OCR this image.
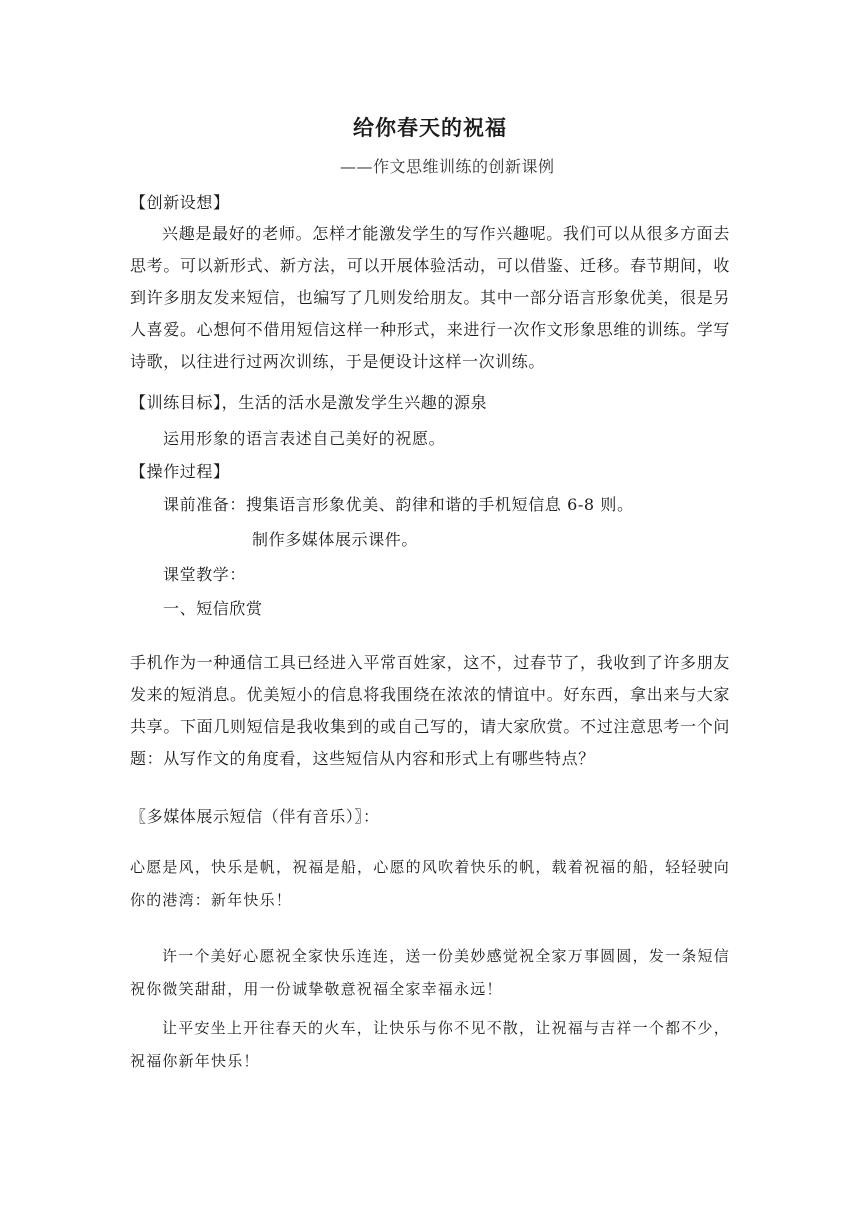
给你春天的祝福
——作文思维训练的创新课例
【创新设想】
兴趣是最好的老师。怎样才能激发学生的写作兴趣呢。我们可以从很多方面去思考。可以新形式、新方法，可以开展体验活动，可以借鉴、迁移。春节期间，收到许多朋友发来短信，也编写了几则发给朋友。其中一部分语言形象优美，很是另人喜爱。心想何不借用短信这样一种形式，来进行一次作文形象思维的训练。学写诗歌，以往进行过两次训练，于是便设计这样一次训练。
【训练目标】，生活的活水是激发学生兴趣的源泉
运用形象的语言表述自己美好的祝愿。
【操作过程】
课前准备：搜集语言形象优美、韵律和谐的手机短信息 6-8 则。
制作多媒体展示课件。
课堂教学：
一、短信欣赏
手机作为一种通信工具已经进入平常百姓家，这不，过春节了，我收到了许多朋友发来的短消息。优美短小的信息将我围绕在浓浓的情谊中。好东西，拿出来与大家共享。下面几则短信是我收集到的或自己写的，请大家欣赏。不过注意思考一个问题：从写作文的角度看，这些短信从内容和形式上有哪些特点？
〖多媒体展示短信（伴有音乐）〗：
心愿是风，快乐是帆，祝福是船，心愿的风吹着快乐的帆，载着祝福的船，轻轻驶向你的港湾：新年快乐！
许一个美好心愿祝全家快乐连连，送一份美妙感觉祝全家万事圆圆，发一条短信祝你微笑甜甜，用一份诚挚敬意祝福全家幸福永远！
让平安坐上开往春天的火车，让快乐与你不见不散，让祝福与吉祥一个都不少，祝福你新年快乐！
